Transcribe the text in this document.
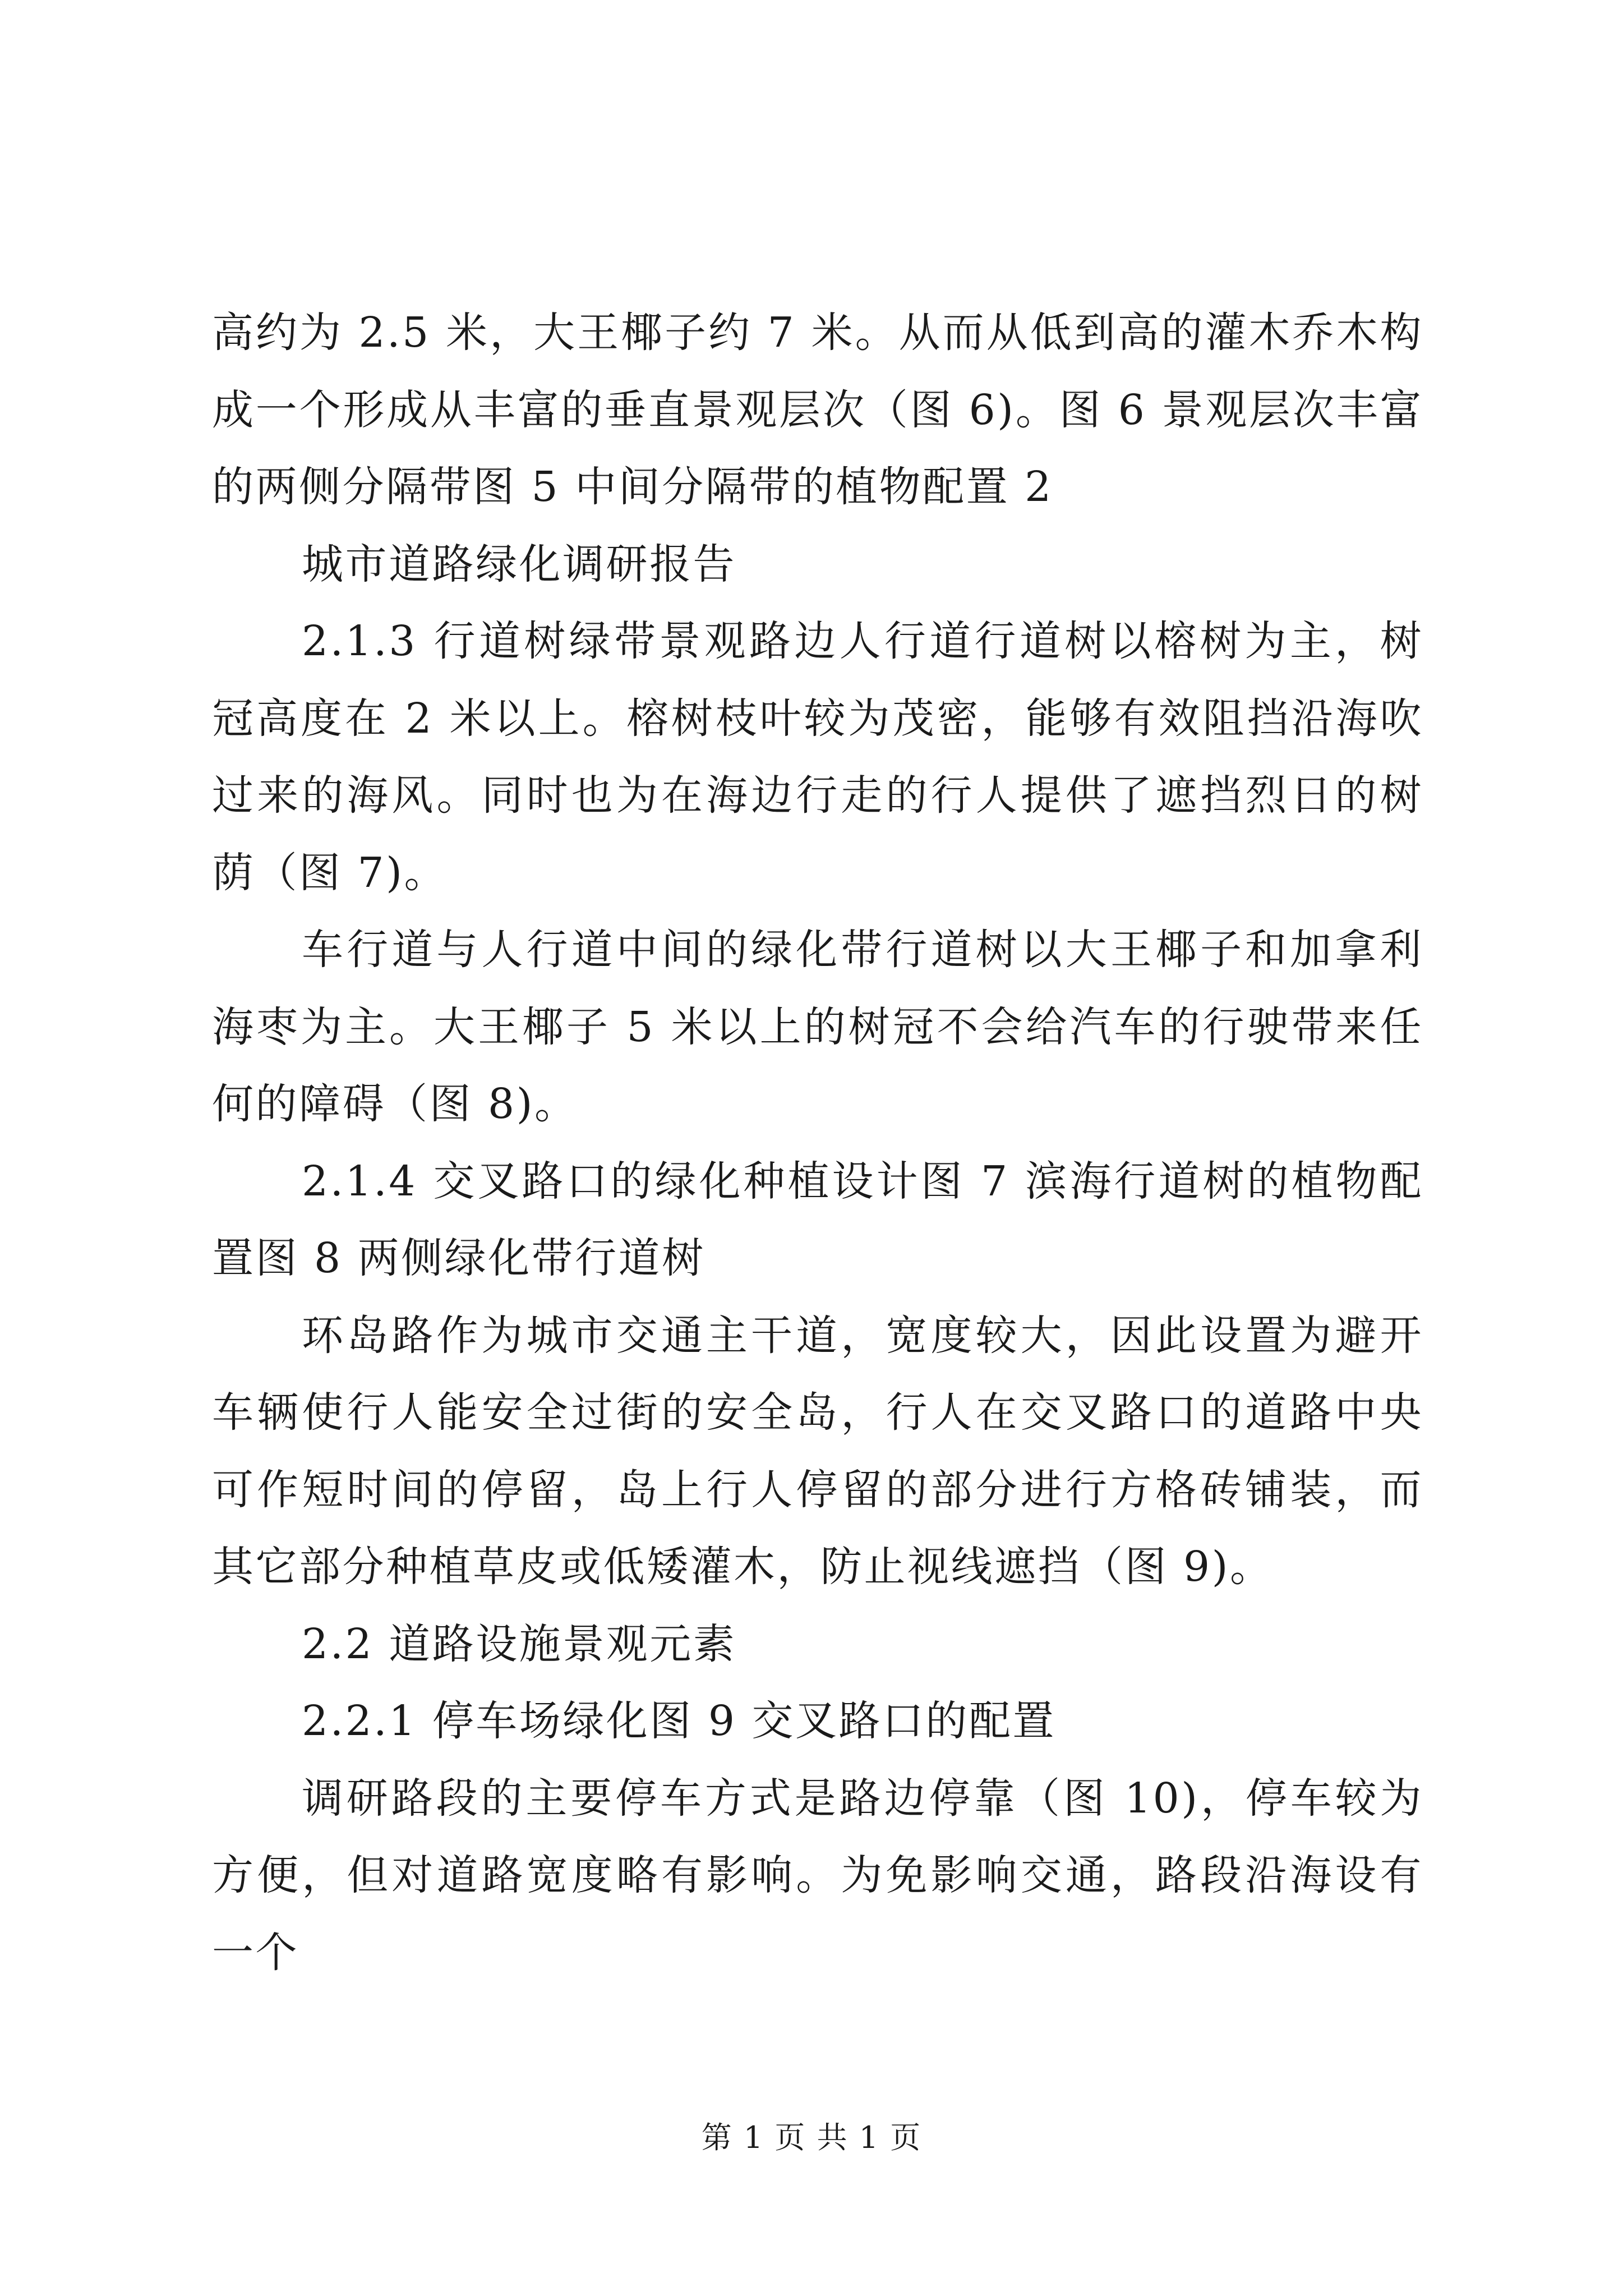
高约为 2.5 米，大王椰子约 7 米。从而从低到高的灌木乔木构成一个形成从丰富的垂直景观层次（图 6)。图 6 景观层次丰富的两侧分隔带图 5 中间分隔带的植物配置 2

城市道路绿化调研报告

2.1.3 行道树绿带景观路边人行道行道树以榕树为主，树冠高度在 2 米以上。榕树枝叶较为茂密，能够有效阻挡沿海吹过来的海风。同时也为在海边行走的行人提供了遮挡烈日的树荫（图 7)。

车行道与人行道中间的绿化带行道树以大王椰子和加拿利海枣为主。大王椰子 5 米以上的树冠不会给汽车的行驶带来任何的障碍（图 8)。

2.1.4 交叉路口的绿化种植设计图 7 滨海行道树的植物配置图 8 两侧绿化带行道树

环岛路作为城市交通主干道，宽度较大，因此设置为避开车辆使行人能安全过街的安全岛，行人在交叉路口的道路中央可作短时间的停留，岛上行人停留的部分进行方格砖铺装，而其它部分种植草皮或低矮灌木，防止视线遮挡（图 9)。

2.2 道路设施景观元素

2.2.1 停车场绿化图 9 交叉路口的配置

调研路段的主要停车方式是路边停靠（图 10)，停车较为方便，但对道路宽度略有影响。为免影响交通，路段沿海设有一个

第 1 页 共 1 页
